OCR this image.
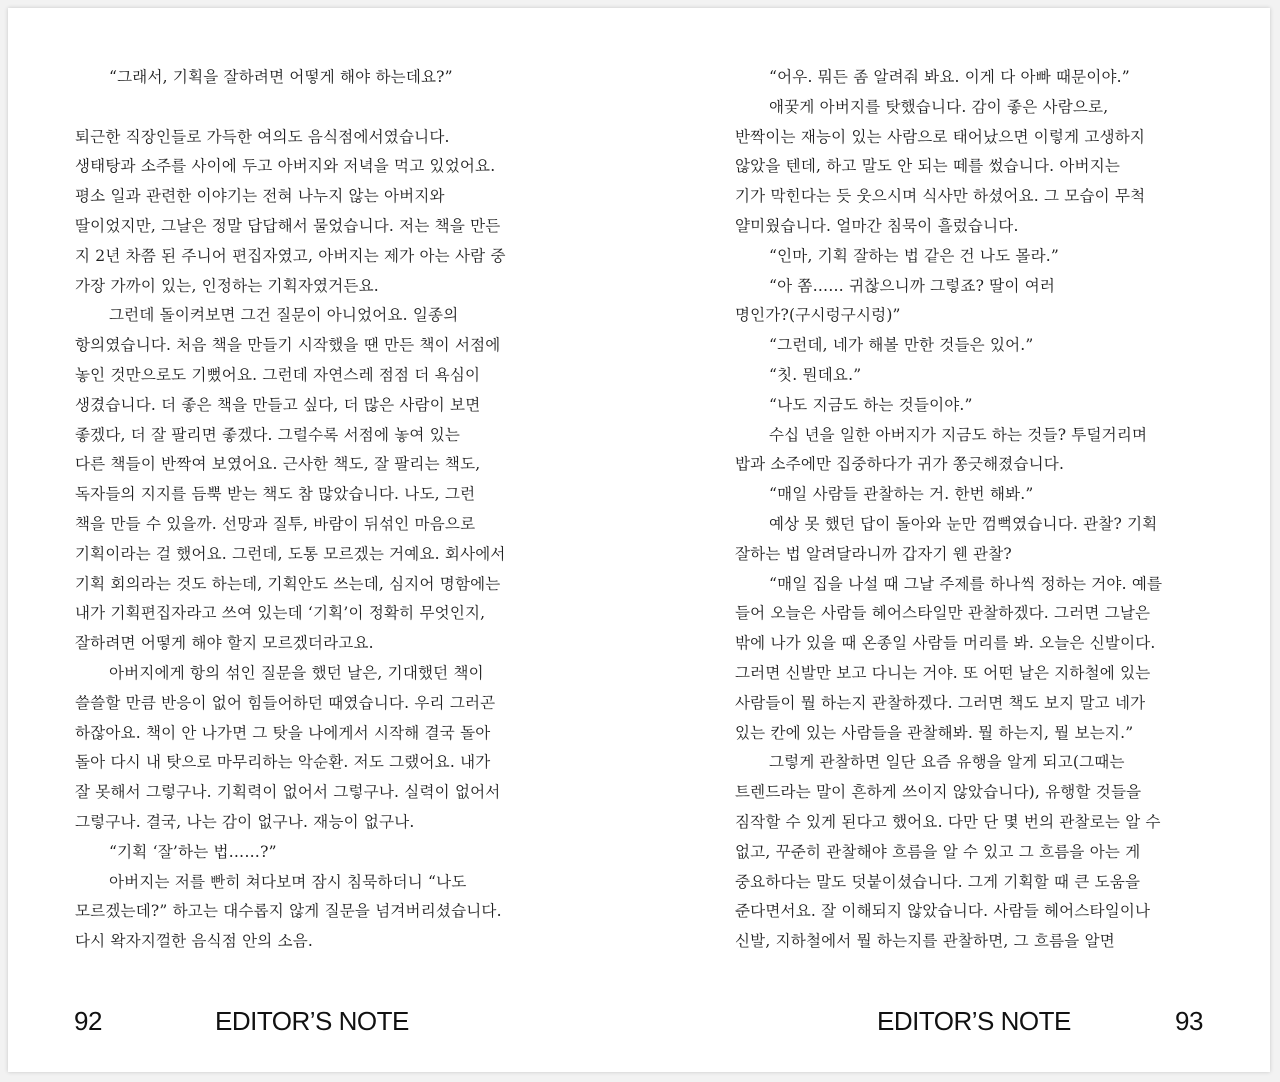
“그래서, 기획을 잘하려면 어떻게 해야 하는데요?”
퇴근한 직장인들로 가득한 여의도 음식점에서였습니다.
생태탕과 소주를 사이에 두고 아버지와 저녁을 먹고 있었어요.
평소 일과 관련한 이야기는 전혀 나누지 않는 아버지와
딸이었지만, 그날은 정말 답답해서 물었습니다. 저는 책을 만든
지 2년 차쯤 된 주니어 편집자였고, 아버지는 제가 아는 사람 중
가장 가까이 있는, 인정하는 기획자였거든요.
그런데 돌이켜보면 그건 질문이 아니었어요. 일종의
항의였습니다. 처음 책을 만들기 시작했을 땐 만든 책이 서점에
놓인 것만으로도 기뻤어요. 그런데 자연스레 점점 더 욕심이
생겼습니다. 더 좋은 책을 만들고 싶다, 더 많은 사람이 보면
좋겠다, 더 잘 팔리면 좋겠다. 그럴수록 서점에 놓여 있는
다른 책들이 반짝여 보였어요. 근사한 책도, 잘 팔리는 책도,
독자들의 지지를 듬뿍 받는 책도 참 많았습니다. 나도, 그런
책을 만들 수 있을까. 선망과 질투, 바람이 뒤섞인 마음으로
기획이라는 걸 했어요. 그런데, 도통 모르겠는 거예요. 회사에서
기획 회의라는 것도 하는데, 기획안도 쓰는데, 심지어 명함에는
내가 기획편집자라고 쓰여 있는데 ‘기획’이 정확히 무엇인지,
잘하려면 어떻게 해야 할지 모르겠더라고요.
아버지에게 항의 섞인 질문을 했던 날은, 기대했던 책이
쓸쓸할 만큼 반응이 없어 힘들어하던 때였습니다. 우리 그러곤
하잖아요. 책이 안 나가면 그 탓을 나에게서 시작해 결국 돌아
돌아 다시 내 탓으로 마무리하는 악순환. 저도 그랬어요. 내가
잘 못해서 그렇구나. 기획력이 없어서 그렇구나. 실력이 없어서
그렇구나. 결국, 나는 감이 없구나. 재능이 없구나.
“기획 ‘잘’하는 법……?”
아버지는 저를 빤히 쳐다보며 잠시 침묵하더니 “나도
모르겠는데?” 하고는 대수롭지 않게 질문을 넘겨버리셨습니다.
다시 왁자지껄한 음식점 안의 소음.
92	EDITOR’S NOTE
“어우. 뭐든 좀 알려줘 봐요. 이게 다 아빠 때문이야.”
애꿎게 아버지를 탓했습니다. 감이 좋은 사람으로,
반짝이는 재능이 있는 사람으로 태어났으면 이렇게 고생하지
않았을 텐데, 하고 말도 안 되는 떼를 썼습니다. 아버지는
기가 막힌다는 듯 웃으시며 식사만 하셨어요. 그 모습이 무척
얄미웠습니다. 얼마간 침묵이 흘렀습니다.
“인마, 기획 잘하는 법 같은 건 나도 몰라.”
“아 쫌…… 귀찮으니까 그렇죠? 딸이 여러
명인가?(구시렁구시렁)”
“그런데, 네가 해볼 만한 것들은 있어.”
“칫. 뭔데요.”
“나도 지금도 하는 것들이야.”
수십 년을 일한 아버지가 지금도 하는 것들? 투덜거리며
밥과 소주에만 집중하다가 귀가 쫑긋해졌습니다.
“매일 사람들 관찰하는 거. 한번 해봐.”
예상 못 했던 답이 돌아와 눈만 껌뻑였습니다. 관찰? 기획
잘하는 법 알려달라니까 갑자기 웬 관찰?
“매일 집을 나설 때 그날 주제를 하나씩 정하는 거야. 예를
들어 오늘은 사람들 헤어스타일만 관찰하겠다. 그러면 그날은
밖에 나가 있을 때 온종일 사람들 머리를 봐. 오늘은 신발이다.
그러면 신발만 보고 다니는 거야. 또 어떤 날은 지하철에 있는
사람들이 뭘 하는지 관찰하겠다. 그러면 책도 보지 말고 네가
있는 칸에 있는 사람들을 관찰해봐. 뭘 하는지, 뭘 보는지.”
그렇게 관찰하면 일단 요즘 유행을 알게 되고(그때는
트렌드라는 말이 흔하게 쓰이지 않았습니다), 유행할 것들을
짐작할 수 있게 된다고 했어요. 다만 단 몇 번의 관찰로는 알 수
없고, 꾸준히 관찰해야 흐름을 알 수 있고 그 흐름을 아는 게
중요하다는 말도 덧붙이셨습니다. 그게 기획할 때 큰 도움을
준다면서요. 잘 이해되지 않았습니다. 사람들 헤어스타일이나
신발, 지하철에서 뭘 하는지를 관찰하면, 그 흐름을 알면
EDITOR’S NOTE	93
